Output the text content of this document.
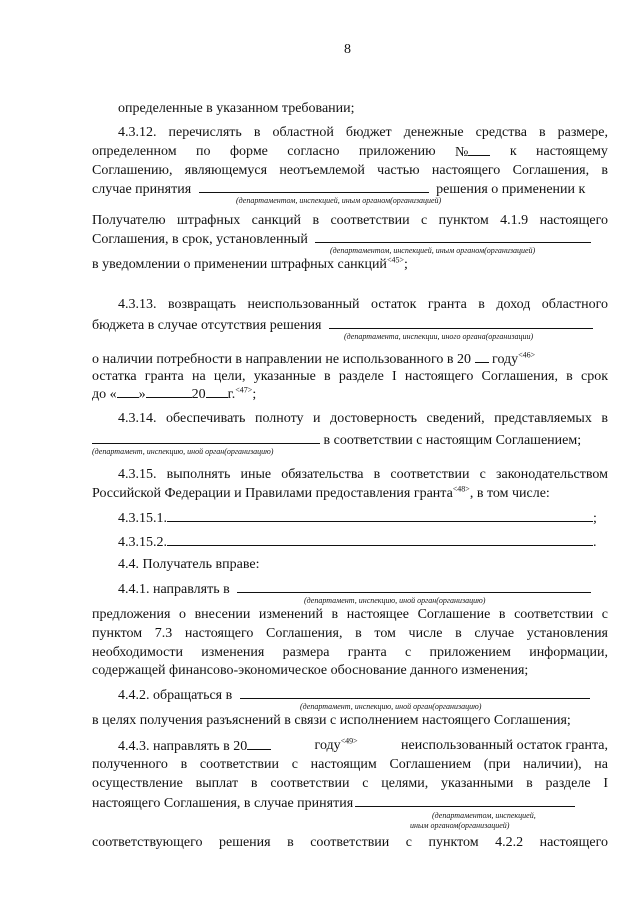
8
определенные в указанном требовании;
4.3.12. перечислять в областной бюджет денежные средства в размере,
определенном по форме согласно приложению №	к настоящему
Соглашению, являющемуся неотъемлемой частью настоящего Соглашения, в
случае принятия	решения о применении к
(департаментом, инспекцией, иным органом(организацией)
Получателю штрафных санкций в соответствии с пунктом 4.1.9 настоящего
Соглашения, в срок, установленный
(департаментом, инспекцией, иным органом(организацией)
в уведомлении о применении штрафных санкций$^{<45>}$;
4.3.13. возвращать неиспользованный остаток гранта в доход областного
бюджета в случае отсутствия решения
(департамента, инспекции, иного органа(организации)
о наличии потребности в направлении не использованного в 20 году$^{<46>}$
остатка гранта на цели, указанные в разделе I настоящего Соглашения, в срок
до « »	20 г.$^{<47>}$;
4.3.14. обеспечивать полноту и достоверность сведений, представляемых в
в соответствии с настоящим Соглашением;
(департамент, инспекцию, иной орган(организацию)
4.3.15. выполнять иные обязательства в соответствии с законодательством
Российской Федерации и Правилами предоставления гранта$^{<48>}$, в том числе:
4.3.15.1.	;
4.3.15.2.	.
4.4. Получатель вправе:
4.4.1. направлять в
(департамент, инспекцию, иной орган(организацию)
предложения о внесении изменений в настоящее Соглашение в соответствии с
пунктом 7.3 настоящего Соглашения, в том числе в случае установления
необходимости изменения размера гранта с приложением информации,
содержащей финансово-экономическое обоснование данного изменения;
4.4.2. обращаться в
(департамент, инспекцию, иной орган(организацию)
в целях получения разъяснений в связи с исполнением настоящего Соглашения;
4.4.3. направлять в 20	году$^{<49>}$	неиспользованный остаток гранта,
полученного в соответствии с настоящим Соглашением (при наличии), на
осуществление выплат в соответствии с целями, указанными в разделе I
настоящего Соглашения, в случае принятия
(департаментом, инспекцией,
иным органом(организацией)
соответствующего решения в соответствии с пунктом 4.2.2 настоящего
